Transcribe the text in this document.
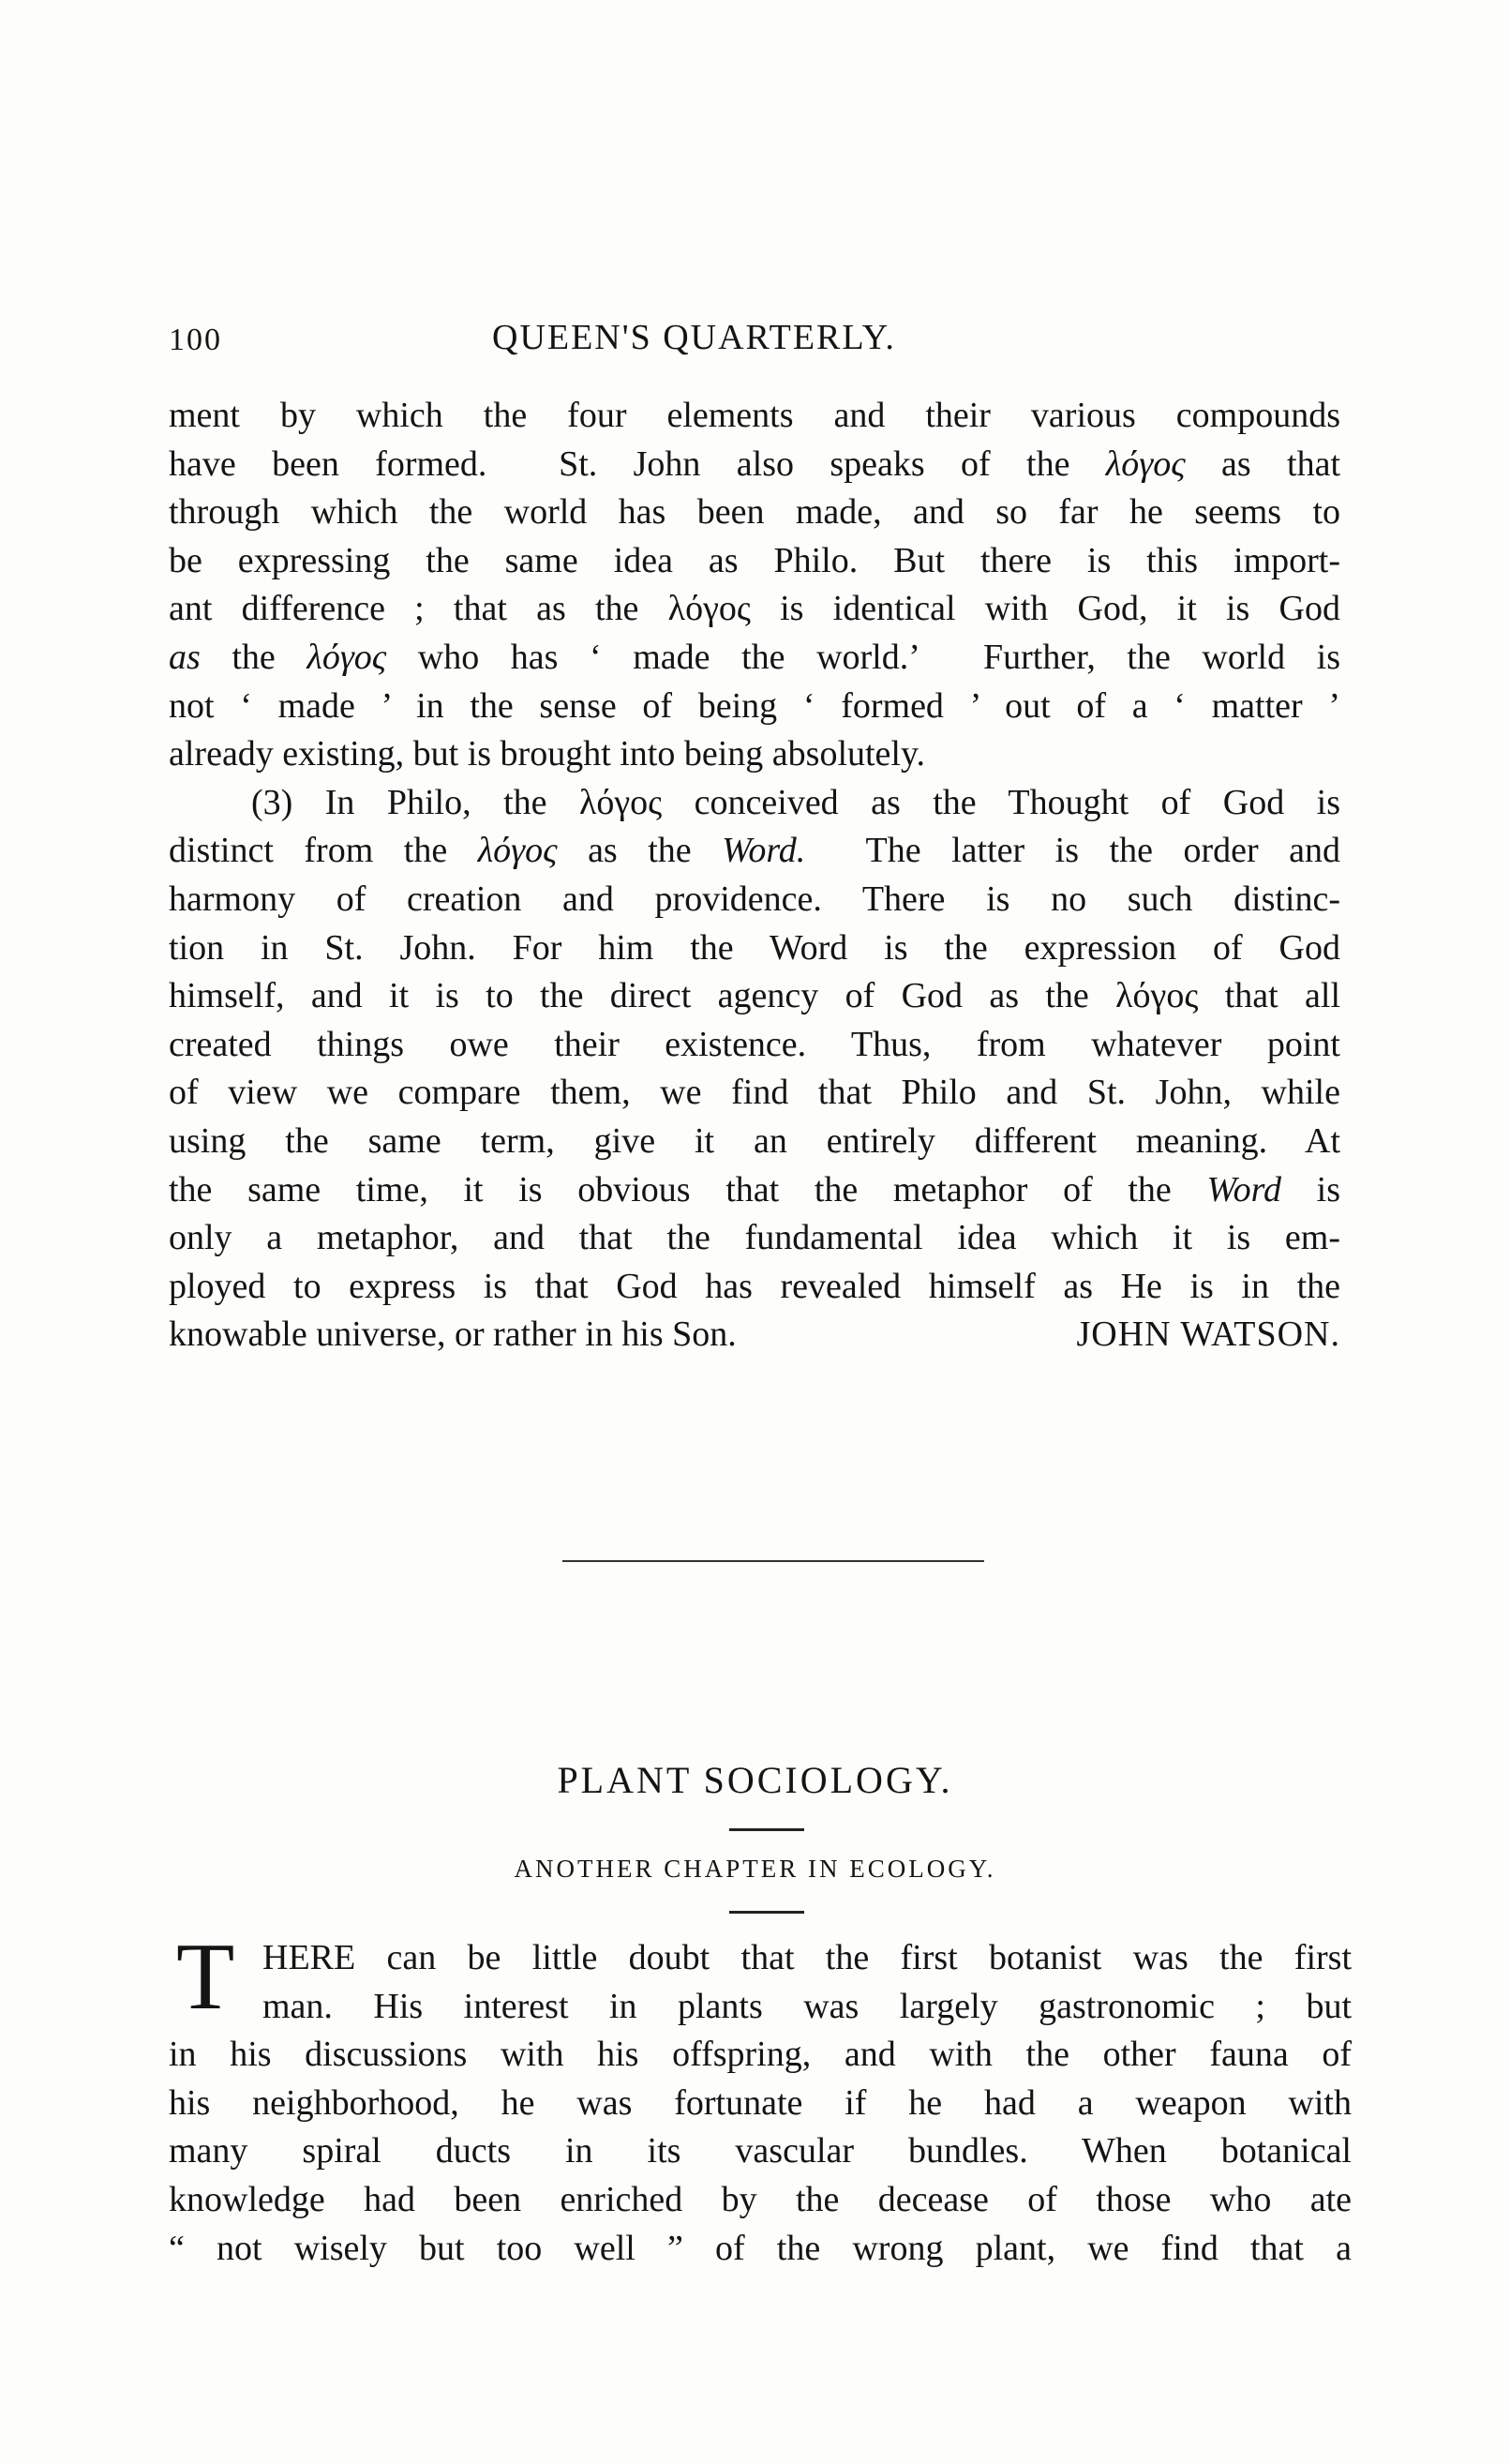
100	QUEEN'S QUARTERLY.
ment by which the four elements and their various compounds
have been formed.  St. John also speaks of the λόγος as that
through which the world has been made, and so far he seems to
be expressing the same idea as Philo. But there is this import-
ant difference ; that as the λόγος is identical with God, it is God
as the λόγος who has ‘ made the world.’  Further, the world is
not ‘ made ’ in the sense of being ‘ formed ’ out of a ‘ matter ’
already existing, but is brought into being absolutely.
(3) In Philo, the λόγος conceived as the Thought of God is
distinct from the λόγος as the Word.  The latter is the order and
harmony of creation and providence. There is no such distinc-
tion in St. John. For him the Word is the expression of God
himself, and it is to the direct agency of God as the λόγος that all
created things owe their existence. Thus, from whatever point
of view we compare them, we find that Philo and St. John, while
using the same term, give it an entirely different meaning. At
the same time, it is obvious that the metaphor of the Word is
only a metaphor, and that the fundamental idea which it is em-
ployed to express is that God has revealed himself as He is in the
knowable universe, or rather in his Son.	JOHN WATSON.
PLANT SOCIOLOGY.
ANOTHER CHAPTER IN ECOLOGY.
T HERE can be little doubt that the first botanist was the first
man. His interest in plants was largely gastronomic ; but
in his discussions with his offspring, and with the other fauna of
his neighborhood, he was fortunate if he had a weapon with
many spiral ducts in its vascular bundles. When botanical
knowledge had been enriched by the decease of those who ate
“ not wisely but too well ” of the wrong plant, we find that a
